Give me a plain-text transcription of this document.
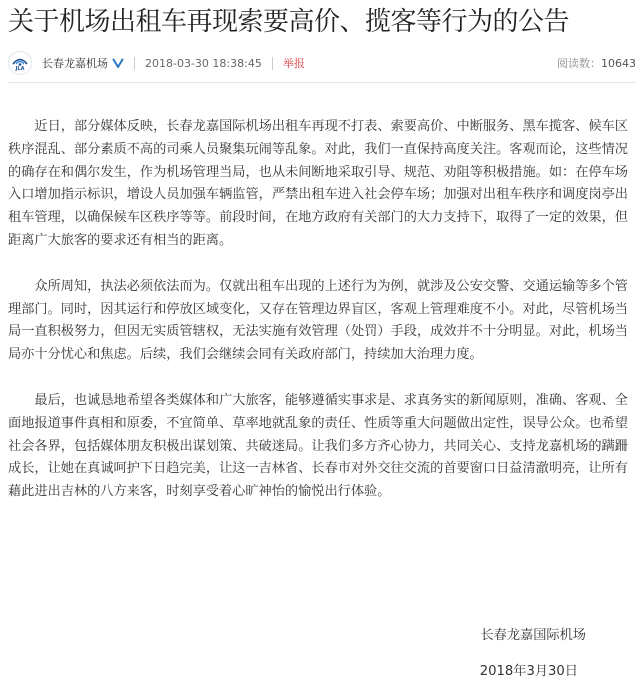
关于机场出租车再现索要高价、揽客等行为的公告
JLA 长春龙嘉机场	2018-03-30 18:38:45 举报	阅读数：10643

近日，部分媒体反映，长春龙嘉国际机场出租车再现不打表、索要高价、中断服务、黑车揽客、候车区秩序混乱、部分素质不高的司乘人员聚集玩闹等乱象。对此，我们一直保持高度关注。客观而论，这些情况的确存在和偶尔发生，作为机场管理当局，也从未间断地采取引导、规范、劝阻等积极措施。如：在停车场入口增加指示标识，增设人员加强车辆监管，严禁出租车进入社会停车场；加强对出租车秩序和调度岗亭出租车管理，以确保候车区秩序等等。前段时间，在地方政府有关部门的大力支持下，取得了一定的效果，但距离广大旅客的要求还有相当的距离。

众所周知，执法必须依法而为。仅就出租车出现的上述行为为例，就涉及公安交警、交通运输等多个管理部门。同时，因其运行和停放区域变化，又存在管理边界盲区，客观上管理难度不小。对此，尽管机场当局一直积极努力，但因无实质管辖权，无法实施有效管理（处罚）手段，成效并不十分明显。对此，机场当局亦十分忧心和焦虑。后续，我们会继续会同有关政府部门，持续加大治理力度。

最后，也诚恳地希望各类媒体和广大旅客，能够遵循实事求是、求真务实的新闻原则，准确、客观、全面地报道事件真相和原委，不宜简单、草率地就乱象的责任、性质等重大问题做出定性，误导公众。也希望社会各界，包括媒体朋友积极出谋划策、共破迷局。让我们多方齐心协力，共同关心、支持龙嘉机场的蹒跚成长，让她在真诚呵护下日趋完美，让这一吉林省、长春市对外交往交流的首要窗口日益清澈明亮，让所有藉此进出吉林的八方来客，时刻享受着心旷神怡的愉悦出行体验。

长春龙嘉国际机场
2018年3月30日
